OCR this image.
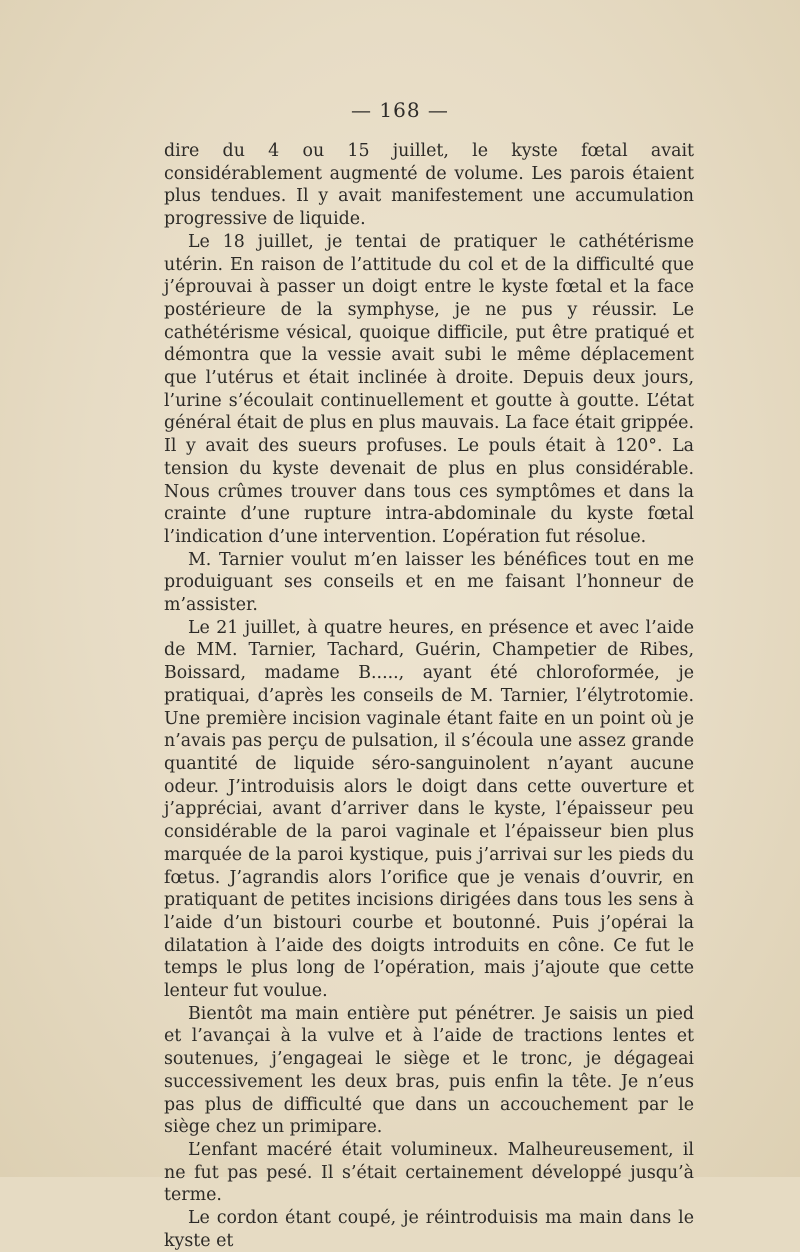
— 168 —

dire du 4 ou 15 juillet, le kyste fœtal avait considérablement augmenté de volume. Les parois étaient plus tendues. Il y avait manifestement une accumulation progressive de liquide.

Le 18 juillet, je tentai de pratiquer le cathétérisme utérin. En raison de l’attitude du col et de la difficulté que j’éprouvai à passer un doigt entre le kyste fœtal et la face postérieure de la symphyse, je ne pus y réussir. Le cathétérisme vésical, quoique difficile, put être pratiqué et démontra que la vessie avait subi le même déplacement que l’utérus et était inclinée à droite. Depuis deux jours, l’urine s’écoulait continuellement et goutte à goutte. L’état général était de plus en plus mauvais. La face était grippée. Il y avait des sueurs profuses. Le pouls était à 120°. La tension du kyste devenait de plus en plus considérable. Nous crûmes trouver dans tous ces symptômes et dans la crainte d’une rupture intra-abdominale du kyste fœtal l’indication d’une intervention. L’opération fut résolue.

M. Tarnier voulut m’en laisser les bénéfices tout en me produiguant ses conseils et en me faisant l’honneur de m’assister.

Le 21 juillet, à quatre heures, en présence et avec l’aide de MM. Tarnier, Tachard, Guérin, Champetier de Ribes, Boissard, madame B....., ayant été chloroformée, je pratiquai, d’après les conseils de M. Tarnier, l’élytrotomie. Une première incision vaginale étant faite en un point où je n’avais pas perçu de pulsation, il s’écoula une assez grande quantité de liquide séro-sanguinolent n’ayant aucune odeur. J’introduisis alors le doigt dans cette ouverture et j’appréciai, avant d’arriver dans le kyste, l’épaisseur peu considérable de la paroi vaginale et l’épaisseur bien plus marquée de la paroi kystique, puis j’arrivai sur les pieds du fœtus. J’agrandis alors l’orifice que je venais d’ouvrir, en pratiquant de petites incisions dirigées dans tous les sens à l’aide d’un bistouri courbe et boutonné. Puis j’opérai la dilatation à l’aide des doigts introduits en cône. Ce fut le temps le plus long de l’opération, mais j’ajoute que cette lenteur fut voulue.

Bientôt ma main entière put pénétrer. Je saisis un pied et l’avançai à la vulve et à l’aide de tractions lentes et soutenues, j’engageai le siège et le tronc, je dégageai successivement les deux bras, puis enfin la tête. Je n’eus pas plus de difficulté que dans un accouchement par le siège chez un primipare.

L’enfant macéré était volumineux. Malheureusement, il ne fut pas pesé. Il s’était certainement développé jusqu’à terme.

Le cordon étant coupé, je réintroduisis ma main dans le kyste et
